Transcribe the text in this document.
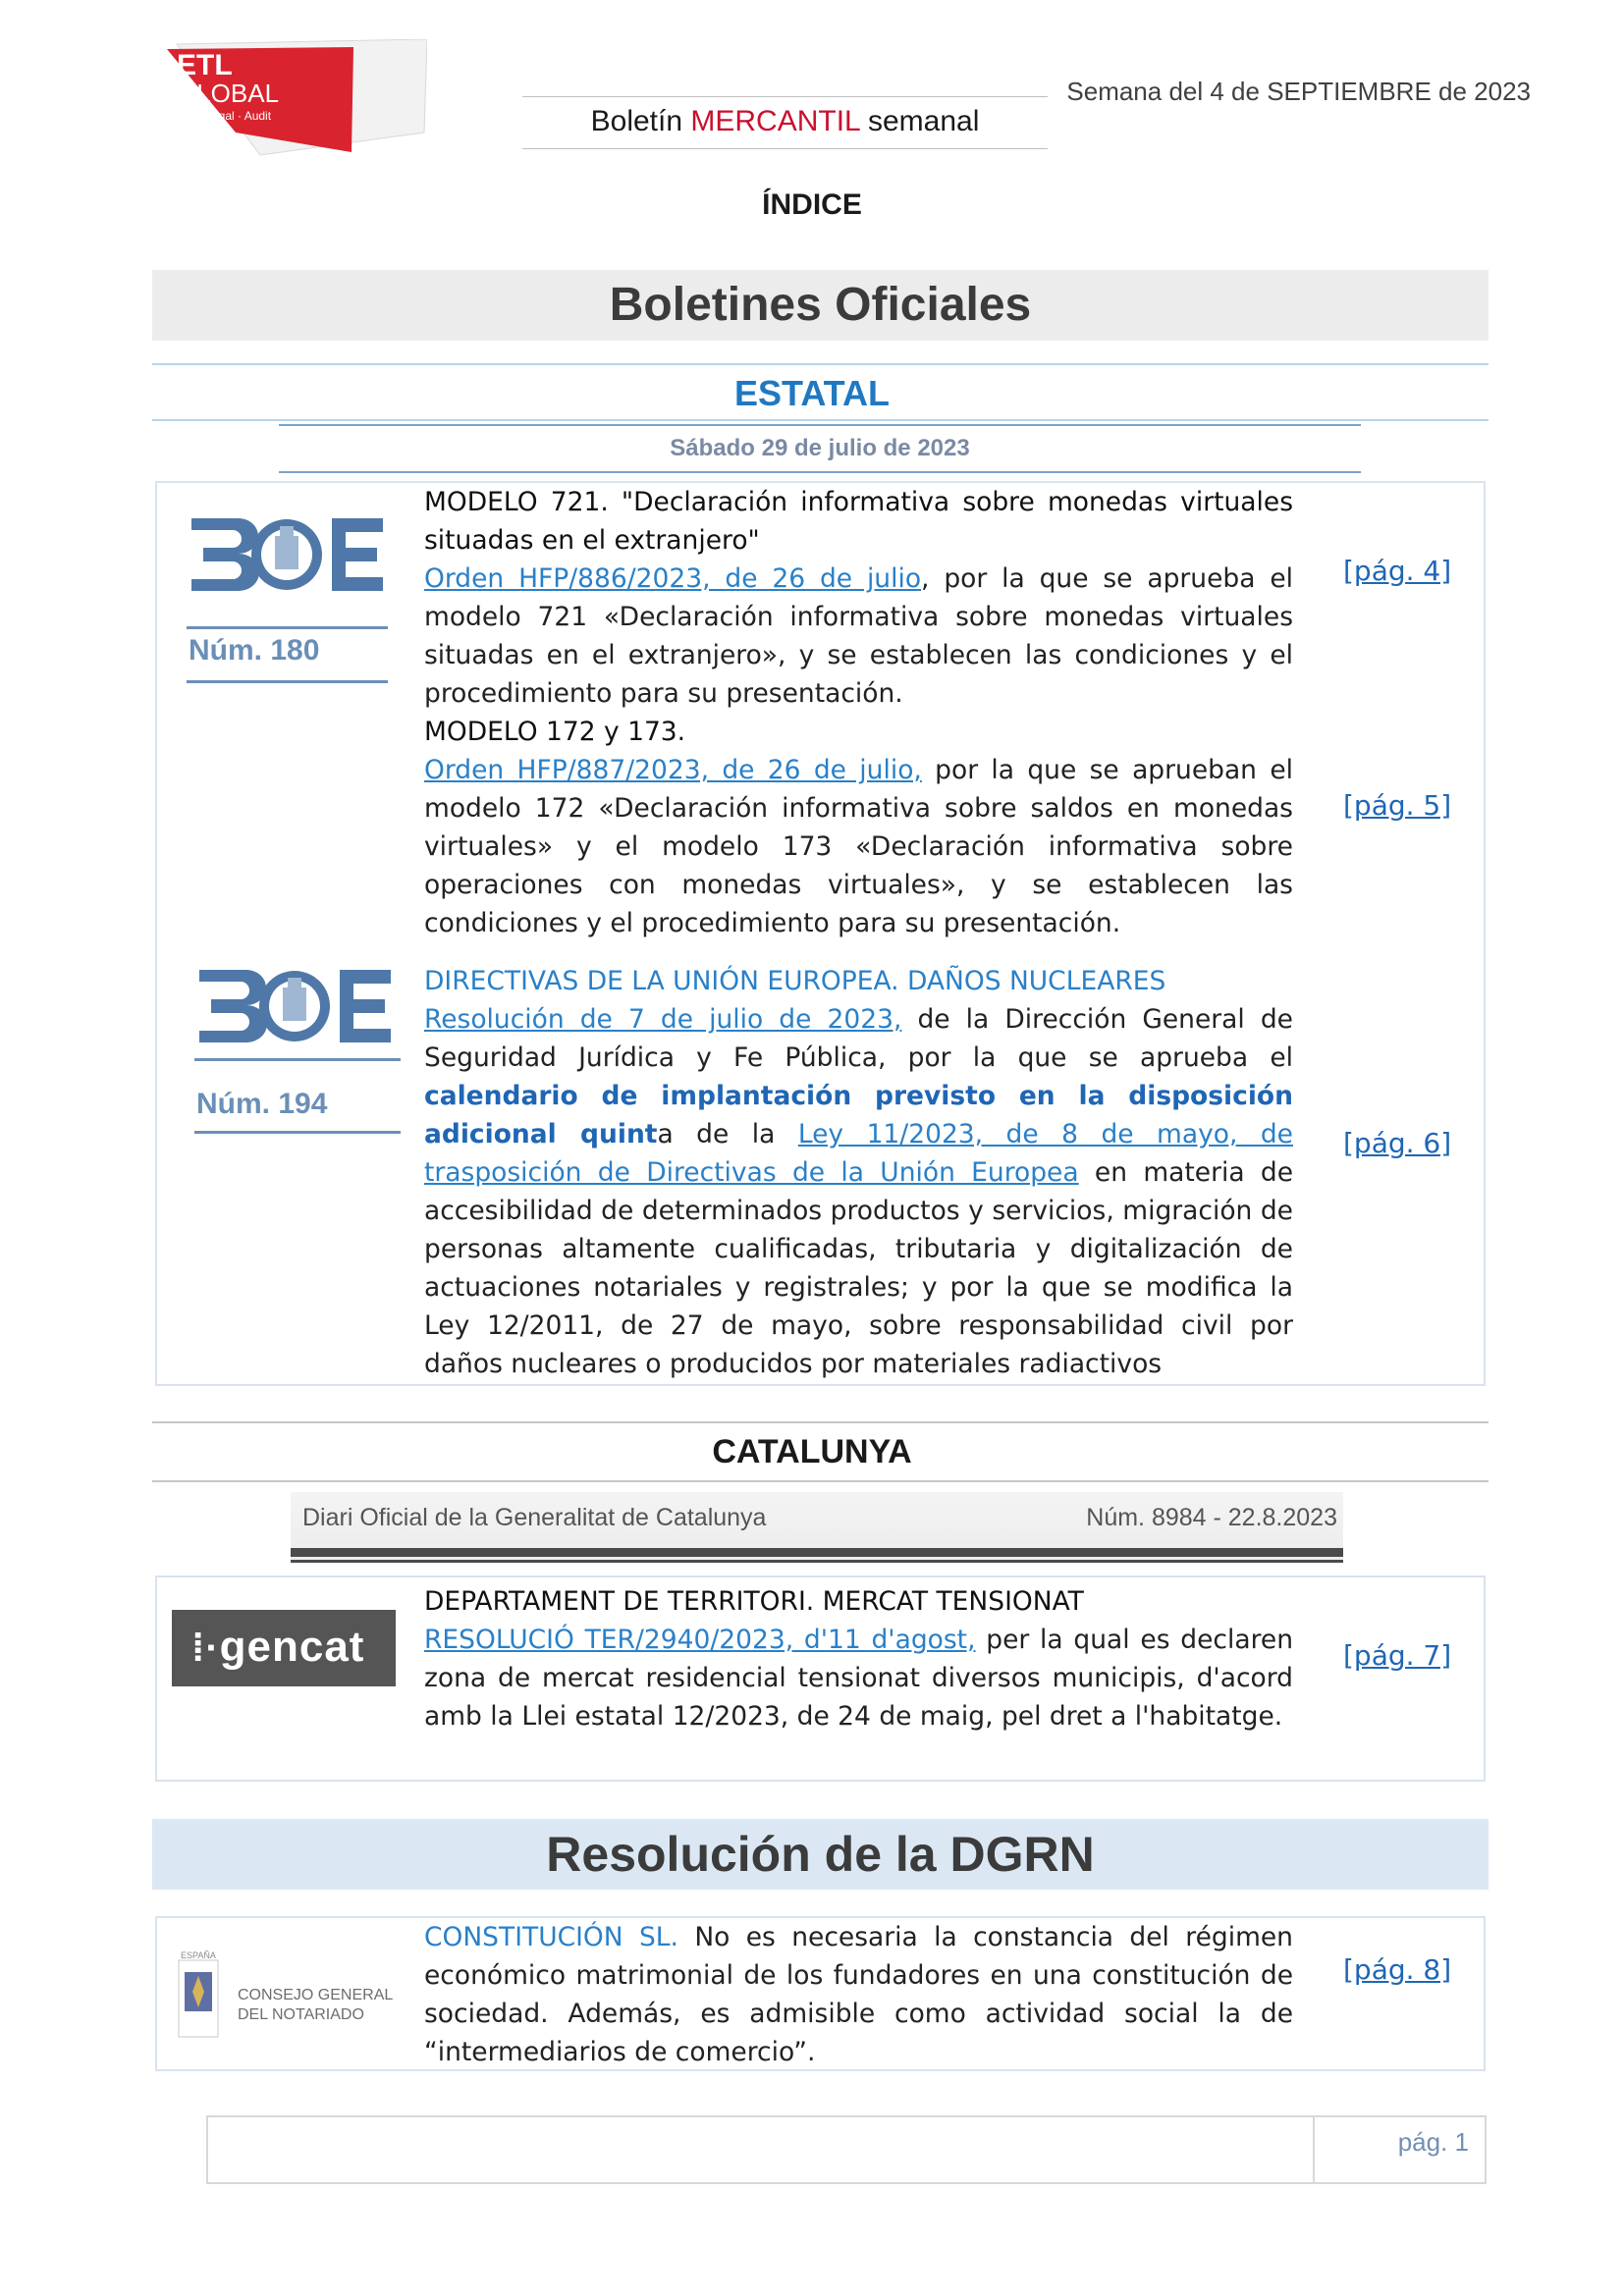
ETL
GLOBAL
Tax · Legal · Audit	Boletín MERCANTIL semanal
Semana del 4 de SEPTIEMBRE de 2023
ÍNDICE
Boletines Oficiales
ESTATAL
Sábado 29 de julio de 2023
Núm. 180
Núm. 194
MODELO 721. "Declaración informativa sobre monedas virtuales situadas en el extranjero"
Orden HFP/886/2023, de 26 de julio, por la que se aprueba el modelo 721 «Declaración informativa sobre monedas virtuales situadas en el extranjero», y se establecen las condiciones y el procedimiento para su presentación.
MODELO 172 y 173.
Orden HFP/887/2023, de 26 de julio, por la que se aprueban el modelo 172 «Declaración informativa sobre saldos en monedas virtuales» y el modelo 173 «Declaración informativa sobre operaciones con monedas virtuales», y se establecen las condiciones y el procedimiento para su presentación.
[pág. 4]
[pág. 5]
DIRECTIVAS DE LA UNIÓN EUROPEA. DAÑOS NUCLEARES
Resolución de 7 de julio de 2023, de la Dirección General de Seguridad Jurídica y Fe Pública, por la que se aprueba el calendario de implantación previsto en la disposición adicional quinta de la Ley 11/2023, de 8 de mayo, de trasposición de Directivas de la Unión Europea en materia de accesibilidad de determinados productos y servicios, migración de personas altamente cualificadas, tributaria y digitalización de actuaciones notariales y registrales; y por la que se modifica la Ley 12/2011, de 27 de mayo, sobre responsabilidad civil por daños nucleares o producidos por materiales radiactivos
[pág. 6]
CATALUNYA
Diari Oficial de la Generalitat de Catalunya	Núm. 8984 - 22.8.2023
⁞·gencat
DEPARTAMENT DE TERRITORI. MERCAT TENSIONAT
RESOLUCIÓ TER/2940/2023, d'11 d'agost, per la qual es declaren zona de mercat residencial tensionat diversos municipis, d'acord amb la Llei estatal 12/2023, de 24 de maig, pel dret a l'habitatge.
[pág. 7]
Resolución de la DGRN
ESPAÑA
CONSEJO GENERAL
DEL NOTARIADO
CONSTITUCIÓN SL. No es necesaria la constancia del régimen económico matrimonial de los fundadores en una constitución de sociedad. Además, es admisible como actividad social la de “intermediarios de comercio”.
[pág. 8]
pág. 1
